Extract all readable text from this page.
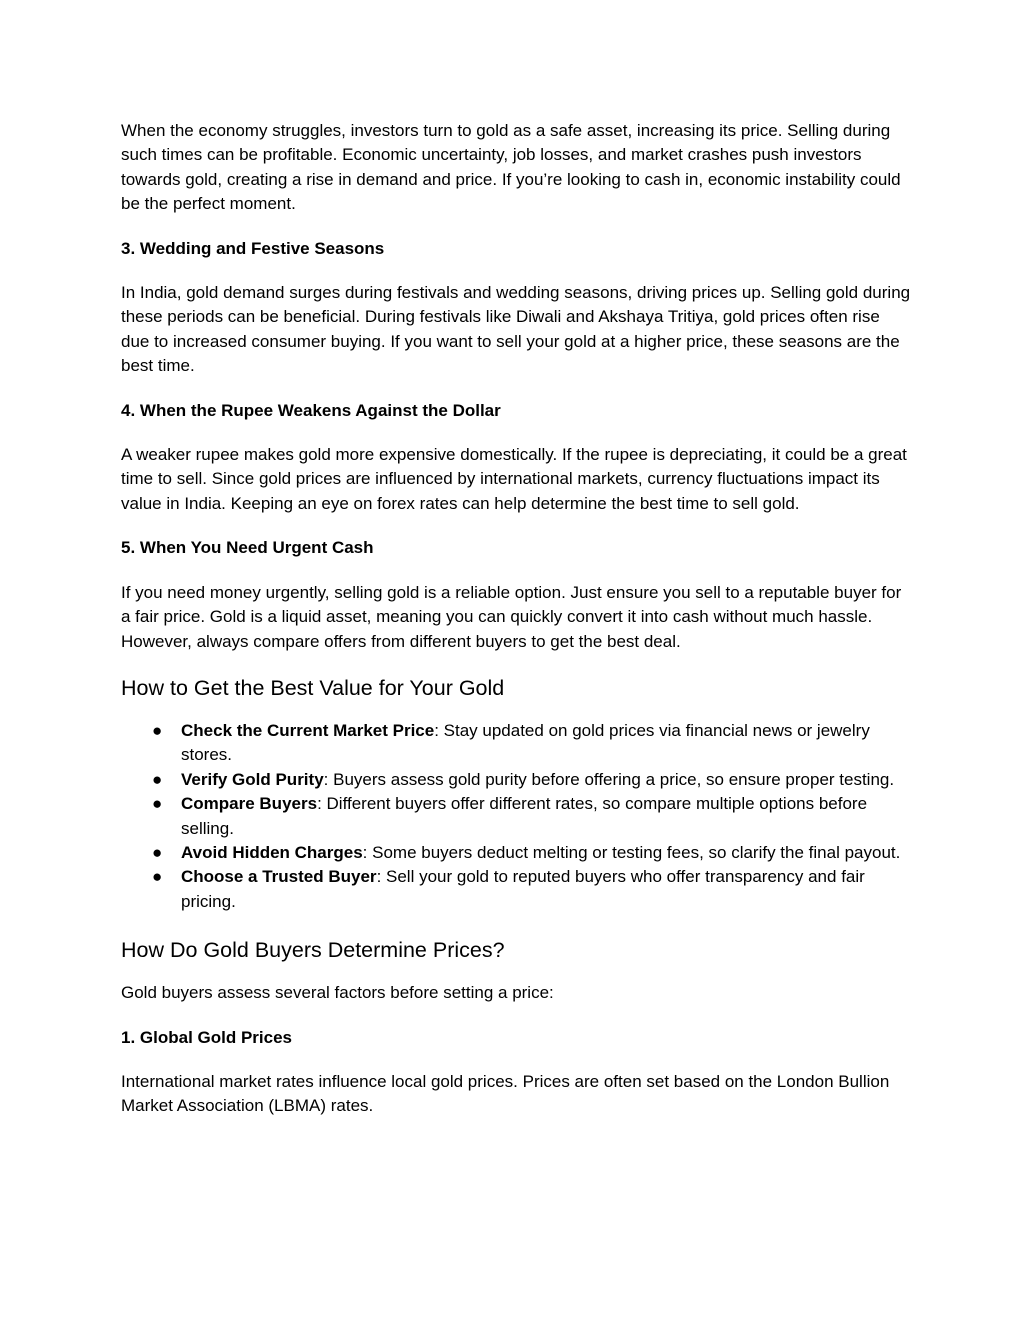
When the economy struggles, investors turn to gold as a safe asset, increasing its price. Selling during such times can be profitable. Economic uncertainty, job losses, and market crashes push investors towards gold, creating a rise in demand and price. If you’re looking to cash in, economic instability could be the perfect moment.

3. Wedding and Festive Seasons

In India, gold demand surges during festivals and wedding seasons, driving prices up. Selling gold during these periods can be beneficial. During festivals like Diwali and Akshaya Tritiya, gold prices often rise due to increased consumer buying. If you want to sell your gold at a higher price, these seasons are the best time.

4. When the Rupee Weakens Against the Dollar

A weaker rupee makes gold more expensive domestically. If the rupee is depreciating, it could be a great time to sell. Since gold prices are influenced by international markets, currency fluctuations impact its value in India. Keeping an eye on forex rates can help determine the best time to sell gold.

5. When You Need Urgent Cash

If you need money urgently, selling gold is a reliable option. Just ensure you sell to a reputable buyer for a fair price. Gold is a liquid asset, meaning you can quickly convert it into cash without much hassle. However, always compare offers from different buyers to get the best deal.

How to Get the Best Value for Your Gold
● Check the Current Market Price: Stay updated on gold prices via financial news or jewelry stores.
● Verify Gold Purity: Buyers assess gold purity before offering a price, so ensure proper testing.
● Compare Buyers: Different buyers offer different rates, so compare multiple options before selling.
● Avoid Hidden Charges: Some buyers deduct melting or testing fees, so clarify the final payout.
● Choose a Trusted Buyer: Sell your gold to reputed buyers who offer transparency and fair pricing.
How Do Gold Buyers Determine Prices?

Gold buyers assess several factors before setting a price:

1. Global Gold Prices

International market rates influence local gold prices. Prices are often set based on the London Bullion Market Association (LBMA) rates.
